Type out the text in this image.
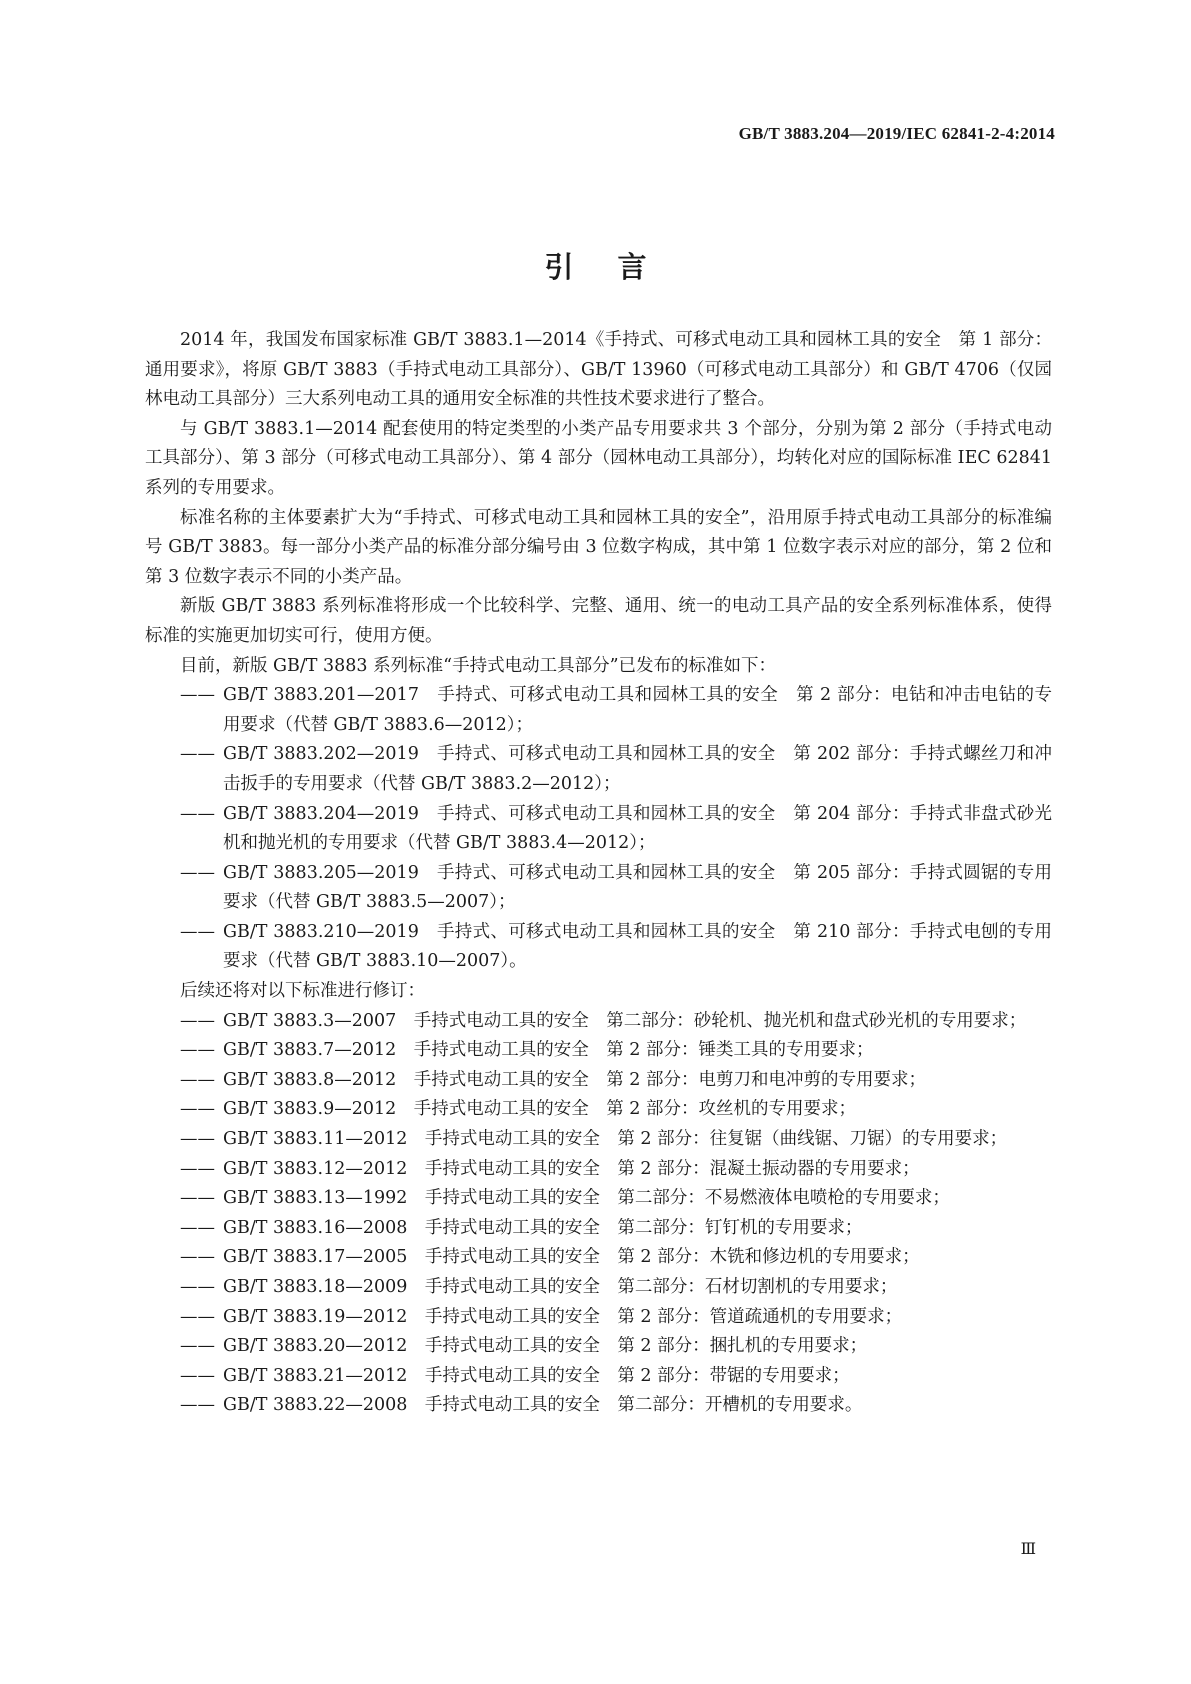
GB/T 3883.204—2019/IEC 62841-2-4:2014
引言

2014 年，我国发布国家标准 GB/T 3883.1—2014《手持式、可移式电动工具和园林工具的安全　第 1 部分：通用要求》，将原 GB/T 3883（手持式电动工具部分）、GB/T 13960（可移式电动工具部分）和 GB/T 4706（仅园林电动工具部分）三大系列电动工具的通用安全标准的共性技术要求进行了整合。

与 GB/T 3883.1—2014 配套使用的特定类型的小类产品专用要求共 3 个部分，分别为第 2 部分（手持式电动工具部分）、第 3 部分（可移式电动工具部分）、第 4 部分（园林电动工具部分），均转化对应的国际标准 IEC 62841 系列的专用要求。

标准名称的主体要素扩大为“手持式、可移式电动工具和园林工具的安全”，沿用原手持式电动工具部分的标准编号 GB/T 3883。每一部分小类产品的标准分部分编号由 3 位数字构成，其中第 1 位数字表示对应的部分，第 2 位和第 3 位数字表示不同的小类产品。

新版 GB/T 3883 系列标准将形成一个比较科学、完整、通用、统一的电动工具产品的安全系列标准体系，使得标准的实施更加切实可行，使用方便。

目前，新版 GB/T 3883 系列标准“手持式电动工具部分”已发布的标准如下：

—— GB/T 3883.201—2017　手持式、可移式电动工具和园林工具的安全　第 2 部分：电钻和冲击电钻的专用要求（代替 GB/T 3883.6—2012）；
—— GB/T 3883.202—2019　手持式、可移式电动工具和园林工具的安全　第 202 部分：手持式螺丝刀和冲击扳手的专用要求（代替 GB/T 3883.2—2012）；
—— GB/T 3883.204—2019　手持式、可移式电动工具和园林工具的安全　第 204 部分：手持式非盘式砂光机和抛光机的专用要求（代替 GB/T 3883.4—2012）；
—— GB/T 3883.205—2019　手持式、可移式电动工具和园林工具的安全　第 205 部分：手持式圆锯的专用要求（代替 GB/T 3883.5—2007）；
—— GB/T 3883.210—2019　手持式、可移式电动工具和园林工具的安全　第 210 部分：手持式电刨的专用要求（代替 GB/T 3883.10—2007）。

后续还将对以下标准进行修订：

—— GB/T 3883.3—2007　手持式电动工具的安全　第二部分：砂轮机、抛光机和盘式砂光机的专用要求；
—— GB/T 3883.7—2012　手持式电动工具的安全　第 2 部分：锤类工具的专用要求；
—— GB/T 3883.8—2012　手持式电动工具的安全　第 2 部分：电剪刀和电冲剪的专用要求；
—— GB/T 3883.9—2012　手持式电动工具的安全　第 2 部分：攻丝机的专用要求；
—— GB/T 3883.11—2012　手持式电动工具的安全　第 2 部分：往复锯（曲线锯、刀锯）的专用要求；
—— GB/T 3883.12—2012　手持式电动工具的安全　第 2 部分：混凝土振动器的专用要求；
—— GB/T 3883.13—1992　手持式电动工具的安全　第二部分：不易燃液体电喷枪的专用要求；
—— GB/T 3883.16—2008　手持式电动工具的安全　第二部分：钉钉机的专用要求；
—— GB/T 3883.17—2005　手持式电动工具的安全　第 2 部分：木铣和修边机的专用要求；
—— GB/T 3883.18—2009　手持式电动工具的安全　第二部分：石材切割机的专用要求；
—— GB/T 3883.19—2012　手持式电动工具的安全　第 2 部分：管道疏通机的专用要求；
—— GB/T 3883.20—2012　手持式电动工具的安全　第 2 部分：捆扎机的专用要求；
—— GB/T 3883.21—2012　手持式电动工具的安全　第 2 部分：带锯的专用要求；
—— GB/T 3883.22—2008　手持式电动工具的安全　第二部分：开槽机的专用要求。
Ⅲ
